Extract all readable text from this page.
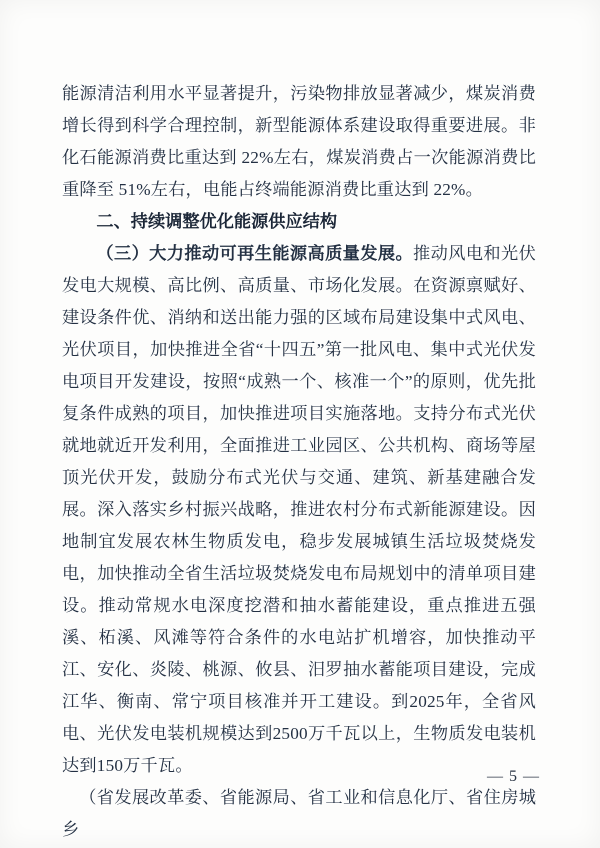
能源清洁利用水平显著提升，污染物排放显著减少，煤炭消费增长得到科学合理控制，新型能源体系建设取得重要进展。非化石能源消费比重达到 22%左右，煤炭消费占一次能源消费比重降至 51%左右，电能占终端能源消费比重达到 22%。

二、持续调整优化能源供应结构

（三）大力推动可再生能源高质量发展。推动风电和光伏发电大规模、高比例、高质量、市场化发展。在资源禀赋好、建设条件优、消纳和送出能力强的区域布局建设集中式风电、光伏项目，加快推进全省“十四五”第一批风电、集中式光伏发电项目开发建设，按照“成熟一个、核准一个”的原则，优先批复条件成熟的项目，加快推进项目实施落地。支持分布式光伏就地就近开发利用，全面推进工业园区、公共机构、商场等屋顶光伏开发，鼓励分布式光伏与交通、建筑、新基建融合发展。深入落实乡村振兴战略，推进农村分布式新能源建设。因地制宜发展农林生物质发电，稳步发展城镇生活垃圾焚烧发电，加快推动全省生活垃圾焚烧发电布局规划中的清单项目建设。推动常规水电深度挖潜和抽水蓄能建设，重点推进五强溪、柘溪、风滩等符合条件的水电站扩机增容，加快推动平江、安化、炎陵、桃源、攸县、汨罗抽水蓄能项目建设，完成江华、衡南、常宁项目核准并开工建设。到2025年，全省风电、光伏发电装机规模达到2500万千瓦以上，生物质发电装机达到150万千瓦。

（省发展改革委、省能源局、省工业和信息化厅、省住房城乡

— 5 —
